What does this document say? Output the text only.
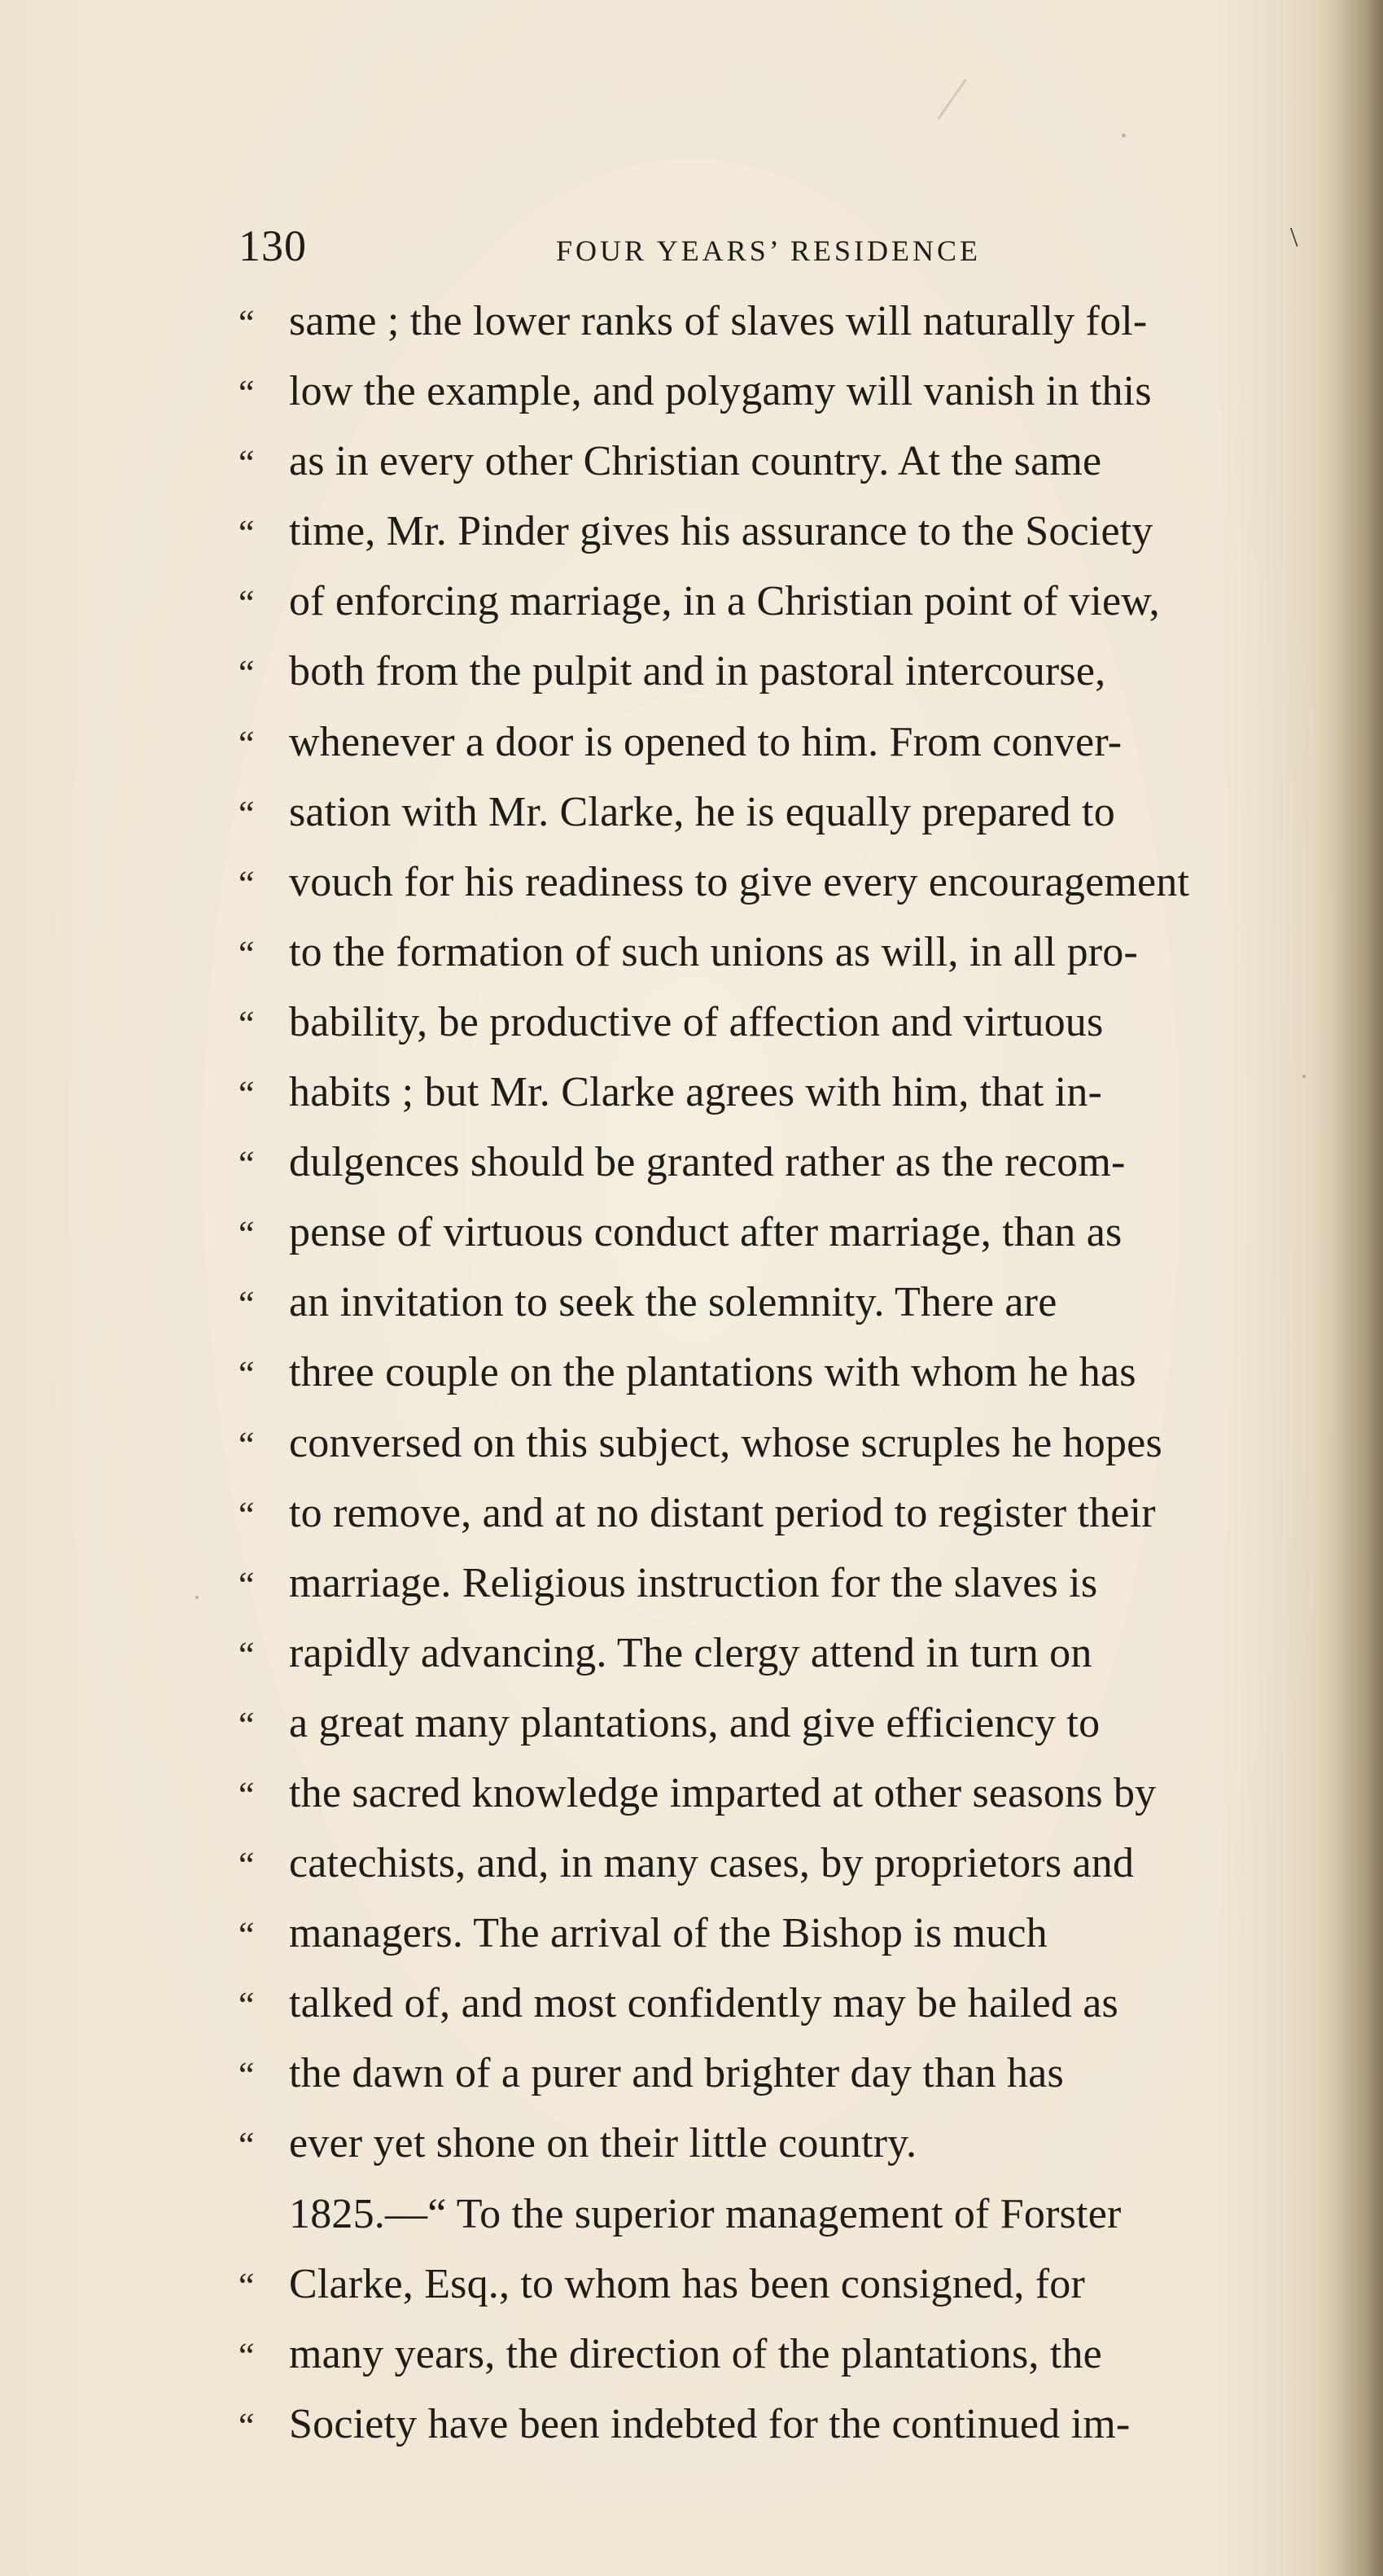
130	FOUR YEARS’ RESIDENCE	\
“ same ; the lower ranks of slaves will naturally fol-
“ low the example, and polygamy will vanish in this
“ as in every other Christian country. At the same
“ time, Mr. Pinder gives his assurance to the Society
“ of enforcing marriage, in a Christian point of view,
“ both from the pulpit and in pastoral intercourse,
“ whenever a door is opened to him. From conver-
“ sation with Mr. Clarke, he is equally prepared to
“ vouch for his readiness to give every encouragement
“ to the formation of such unions as will, in all pro-
“ bability, be productive of affection and virtuous
“ habits ; but Mr. Clarke agrees with him, that in-
“ dulgences should be granted rather as the recom-
“ pense of virtuous conduct after marriage, than as
“ an invitation to seek the solemnity. There are
“ three couple on the plantations with whom he has
“ conversed on this subject, whose scruples he hopes
“ to remove, and at no distant period to register their
“ marriage. Religious instruction for the slaves is
“ rapidly advancing. The clergy attend in turn on
“ a great many plantations, and give efficiency to
“ the sacred knowledge imparted at other seasons by
“ catechists, and, in many cases, by proprietors and
“ managers. The arrival of the Bishop is much
“ talked of, and most confidently may be hailed as
“ the dawn of a purer and brighter day than has
“ ever yet shone on their little country.
1825.—“ To the superior management of Forster
“ Clarke, Esq., to whom has been consigned, for
“ many years, the direction of the plantations, the
“ Society have been indebted for the continued im-
